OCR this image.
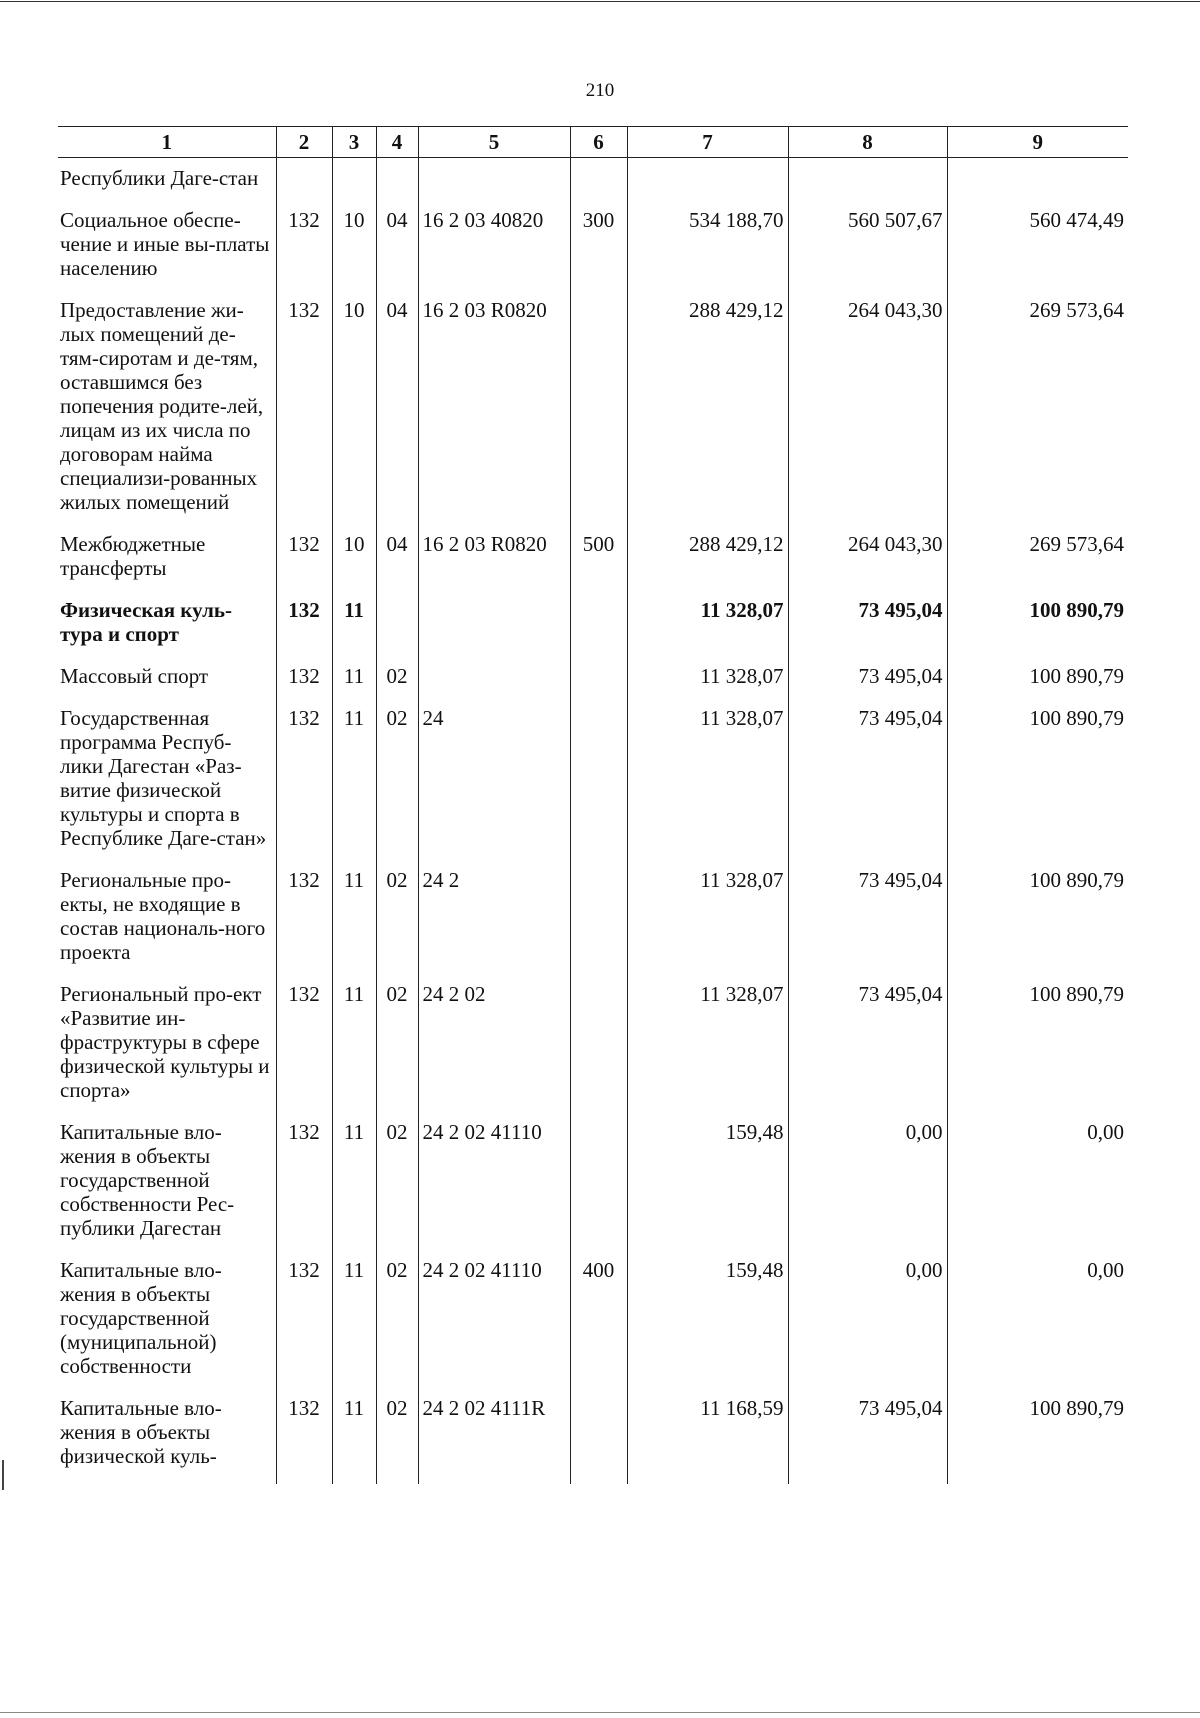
210
1	2	3	4	5	6	7	8	9
Республики Даге-стан								
Социальное обеспе-чение и иные вы-платы населению	132	10	04	16 2 03 40820	300	534 188,70	560 507,67	560 474,49
Предоставление жи-лых помещений де-тям-сиротам и де-тям, оставшимся без попечения родите-лей, лицам из их числа по договорам найма специализи-рованных жилых помещений	132	10	04	16 2 03 R0820		288 429,12	264 043,30	269 573,64
Межбюджетные трансферты	132	10	04	16 2 03 R0820	500	288 429,12	264 043,30	269 573,64
Физическая куль-тура и спорт	132	11				11 328,07	73 495,04	100 890,79
Массовый спорт	132	11	02			11 328,07	73 495,04	100 890,79
Государственная программа Респуб-лики Дагестан «Раз-витие физической культуры и спорта в Республике Даге-стан»	132	11	02	24		11 328,07	73 495,04	100 890,79
Региональные про-екты, не входящие в состав националь-ного проекта	132	11	02	24 2		11 328,07	73 495,04	100 890,79
Региональный про-ект «Развитие ин-фраструктуры в сфере физической культуры и спорта»	132	11	02	24 2 02		11 328,07	73 495,04	100 890,79
Капитальные вло-жения в объекты государственной собственности Рес-публики Дагестан	132	11	02	24 2 02 41110		159,48	0,00	0,00
Капитальные вло-жения в объекты государственной (муниципальной) собственности	132	11	02	24 2 02 41110	400	159,48	0,00	0,00
Капитальные вло-жения в объекты физической куль-	132	11	02	24 2 02 4111R		11 168,59	73 495,04	100 890,79
